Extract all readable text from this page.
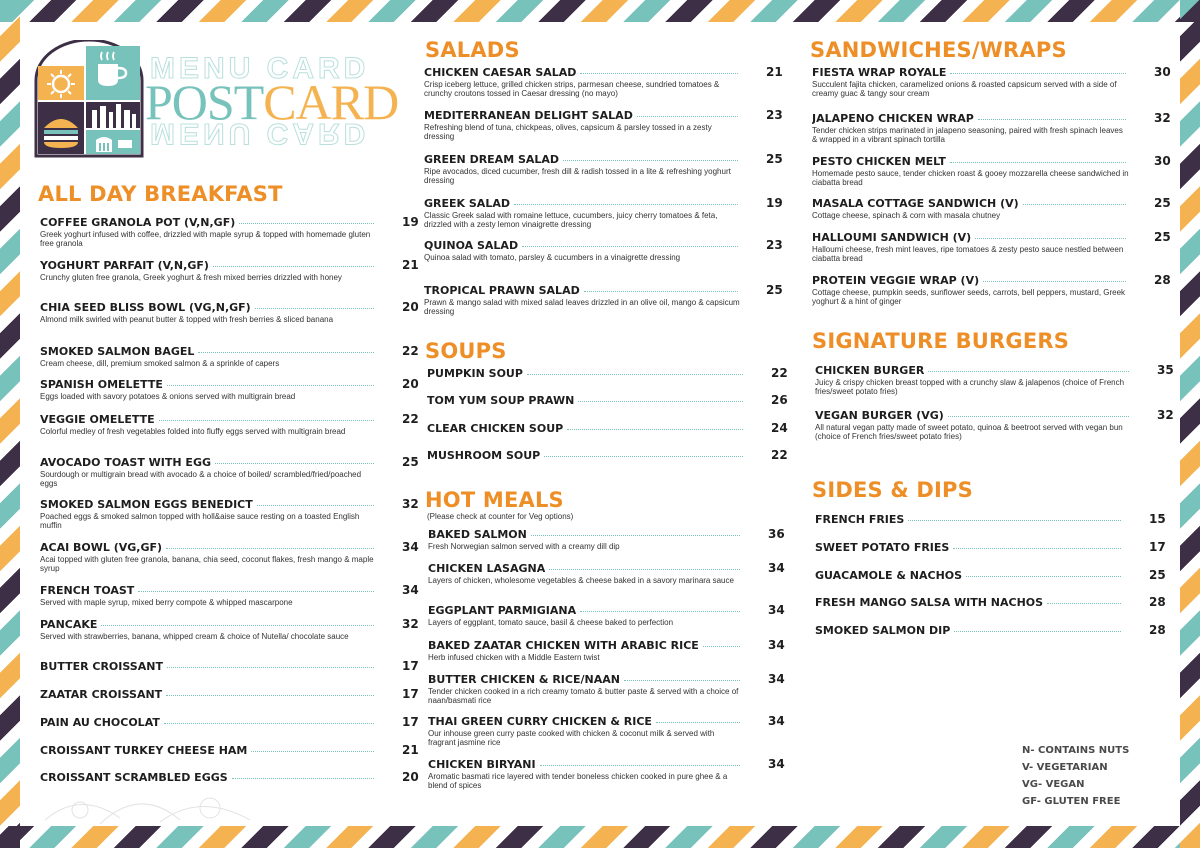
MENU CARD
MENU CARD
POSTCARD
ALL DAY BREAKFAST
SALADS
SOUPS
HOT MEALS
(Please check at counter for Veg options)
SANDWICHES/WRAPS
SIGNATURE BURGERS
SIDES & DIPS
COFFEE GRANOLA POT (V,N,GF)	19
Greek yoghurt infused with coffee, drizzled with maple syrup & topped with homemade gluten free granola
YOGHURT PARFAIT (V,N,GF)	21
Crunchy gluten free granola, Greek yoghurt & fresh mixed berries drizzled with honey
CHIA SEED BLISS BOWL (VG,N,GF)	20
Almond milk swirled with peanut butter & topped with fresh berries & sliced banana
SMOKED SALMON BAGEL	22
Cream cheese, dill, premium smoked salmon & a sprinkle of capers
SPANISH OMELETTE	20
Eggs loaded with savory potatoes & onions served with multigrain bread
VEGGIE OMELETTE	22
Colorful medley of fresh vegetables folded into fluffy eggs served with multigrain bread
AVOCADO TOAST WITH EGG	25
Sourdough or multigrain bread with avocado & a choice of boiled/ scrambled/fried/poached eggs
SMOKED SALMON EGGS BENEDICT	32
Poached eggs & smoked salmon topped with holl&aise sauce resting on a toasted English muffin
ACAI BOWL (VG,GF)	34
Acai topped with gluten free granola, banana, chia seed, coconut flakes, fresh mango & maple syrup
FRENCH TOAST	34
Served with maple syrup, mixed berry compote & whipped mascarpone
PANCAKE	32
Served with strawberries, banana, whipped cream & choice of Nutella/ chocolate sauce
BUTTER CROISSANT	17
ZAATAR CROISSANT	17
PAIN AU CHOCOLAT	17
CROISSANT TURKEY CHEESE HAM	21
CROISSANT SCRAMBLED EGGS	20
CHICKEN CAESAR SALAD	21
Crisp iceberg lettuce, grilled chicken strips, parmesan cheese, sundried tomatoes & crunchy croutons tossed in Caesar dressing (no mayo)
MEDITERRANEAN DELIGHT SALAD	23
Refreshing blend of tuna, chickpeas, olives, capsicum & parsley tossed in a zesty dressing
GREEN DREAM SALAD	25
Ripe avocados, diced cucumber, fresh dill & radish tossed in a lite & refreshing yoghurt dressing
GREEK SALAD	19
Classic Greek salad with romaine lettuce, cucumbers, juicy cherry tomatoes & feta, drizzled with a zesty lemon vinaigrette dressing
QUINOA SALAD	23
Quinoa salad with tomato, parsley & cucumbers in a vinaigrette dressing
TROPICAL PRAWN SALAD	25
Prawn & mango salad with mixed salad leaves drizzled in an olive oil, mango & capsicum dressing
PUMPKIN SOUP	22
TOM YUM SOUP PRAWN	26
CLEAR CHICKEN SOUP	24
MUSHROOM SOUP	22
BAKED SALMON	36
Fresh Norwegian salmon served with a creamy dill dip
CHICKEN LASAGNA	34
Layers of chicken, wholesome vegetables & cheese baked in a savory marinara sauce
EGGPLANT PARMIGIANA	34
Layers of eggplant, tomato sauce, basil & cheese baked to perfection
BAKED ZAATAR CHICKEN WITH ARABIC RICE	34
Herb infused chicken with a Middle Eastern twist
BUTTER CHICKEN & RICE/NAAN	34
Tender chicken cooked in a rich creamy tomato & butter paste & served with a choice of naan/basmati rice
THAI GREEN CURRY CHICKEN & RICE	34
Our inhouse green curry paste cooked with chicken & coconut milk & served with fragrant jasmine rice
CHICKEN BIRYANI	34
Aromatic basmati rice layered with tender boneless chicken cooked in pure ghee & a blend of spices
FIESTA WRAP ROYALE	30
Succulent fajita chicken, caramelized onions & roasted capsicum served with a side of creamy guac & tangy sour cream
JALAPENO CHICKEN WRAP	32
Tender chicken strips marinated in jalapeno seasoning, paired with fresh spinach leaves & wrapped in a vibrant spinach tortilla
PESTO CHICKEN MELT	30
Homemade pesto sauce, tender chicken roast & gooey mozzarella cheese sandwiched in ciabatta bread
MASALA COTTAGE SANDWICH (V)	25
Cottage cheese, spinach & corn with masala chutney
HALLOUMI SANDWICH (V)	25
Halloumi cheese, fresh mint leaves, ripe tomatoes & zesty pesto sauce nestled between ciabatta bread
PROTEIN VEGGIE WRAP (V)	28
Cottage cheese, pumpkin seeds, sunflower seeds, carrots, bell peppers, mustard, Greek yoghurt & a hint of ginger
CHICKEN BURGER	35
Juicy & crispy chicken breast topped with a crunchy slaw & jalapenos (choice of French fries/sweet potato fries)
VEGAN BURGER (VG)	32
All natural vegan patty made of sweet potato, quinoa & beetroot served with vegan bun (choice of French fries/sweet potato fries)
FRENCH FRIES	15
SWEET POTATO FRIES	17
GUACAMOLE & NACHOS	25
FRESH MANGO SALSA WITH NACHOS	28
SMOKED SALMON DIP	28
N- CONTAINS NUTS
V- VEGETARIAN
VG- VEGAN
GF- GLUTEN FREE
